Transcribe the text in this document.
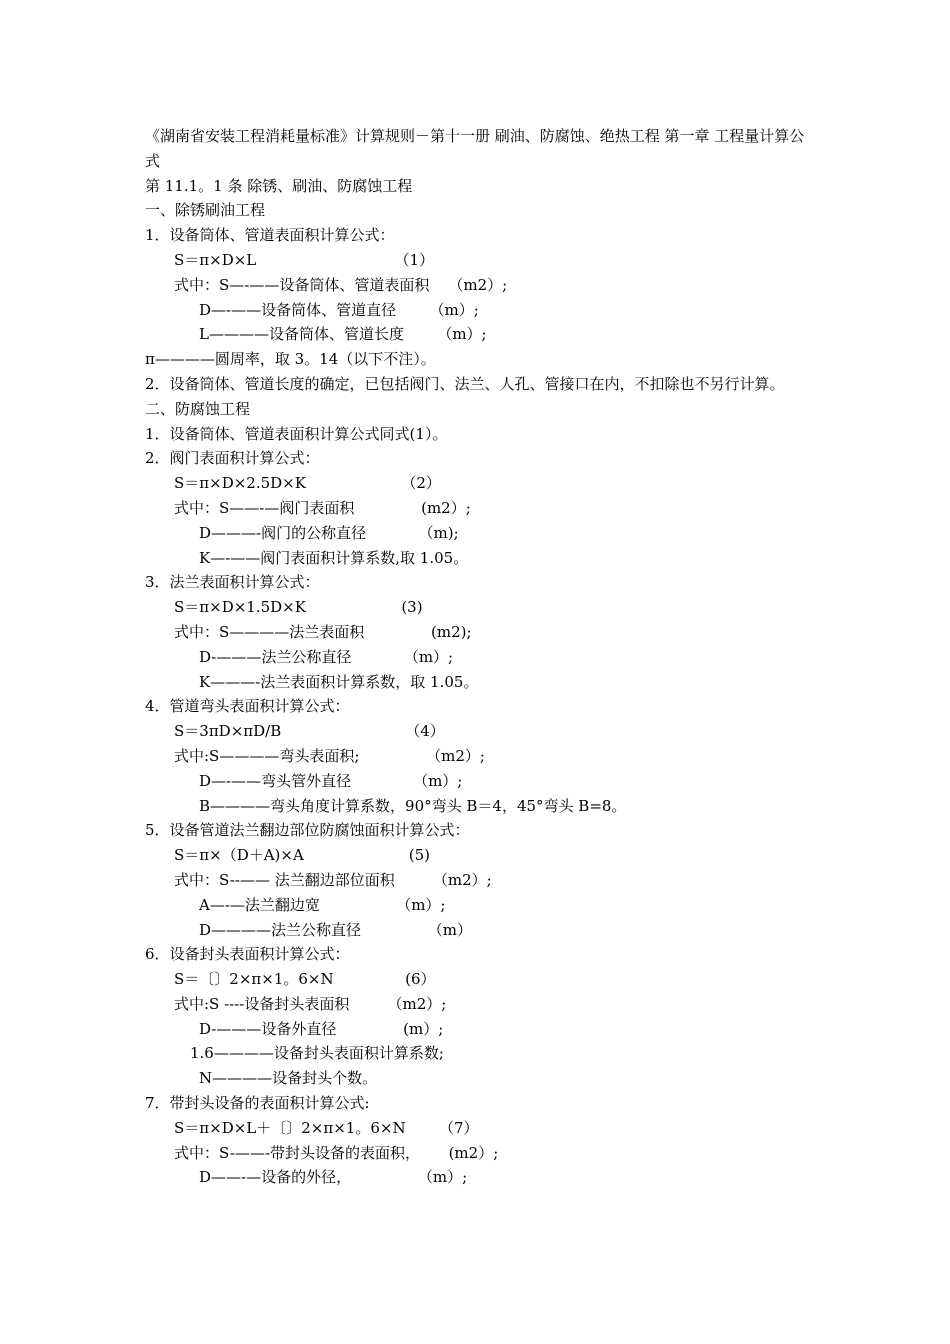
《湖南省安装工程消耗量标准》计算规则－第十一册 刷油、防腐蚀、绝热工程 第一章 工程量计算公式
第 11.1。1 条 除锈、刷油、防腐蚀工程
一、除锈刷油工程
1．设备筒体、管道表面积计算公式：
S＝π×D×L                             （1）
式中：S—-——设备筒体、管道表面积    （m2）;
D—-——设备筒体、管道直径       （m）;
L————设备筒体、管道长度       （m）;
π————圆周率，取 3。14（以下不注）。
2．设备筒体、管道长度的确定，已包括阀门、法兰、人孔、管接口在内，不扣除也不另行计算。
二、防腐蚀工程
1．设备筒体、管道表面积计算公式同式(1）。
2．阀门表面积计算公式：
S＝π×D×2.5D×K                    （2）
式中：S——-—阀门表面积              (m2）;
D———-阀门的公称直径           （m);
K—-——阀门表面积计算系数,取 1.05。
3．法兰表面积计算公式：
S＝π×D×1.5D×K                    (3)
式中：S————法兰表面积              (m2);
D-———法兰公称直径           （m）;
K———-法兰表面积计算系数，取 1.05。
4．管道弯头表面积计算公式：
S＝3πD×πD/B                          （4）
式中:S————弯头表面积;              （m2）;
D—-——弯头管外直径             （m）;
B————弯头角度计算系数，90°弯头 B＝4，45°弯头 B=8。
5．设备管道法兰翻边部位防腐蚀面积计算公式：
S＝π×（D＋A)×A                      (5)
式中：S--—— 法兰翻边部位面积        （m2）;
A—-—法兰翻边宽                （m）;
D————法兰公称直径              （m）
6．设备封头表面积计算公式：
S＝〔〕2×π×1。6×N               (6）
式中:S ----设备封头表面积        （m2）;
D-———设备外直径              (m）;
1.6————设备封头表面积计算系数;
N————设备封头个数。
7．带封头设备的表面积计算公式:
S＝π×D×L＋〔〕2×π×1。6×N       （7）
式中：S-——-带封头设备的表面积，      (m2）;
D——-—设备的外径，              （m）;
